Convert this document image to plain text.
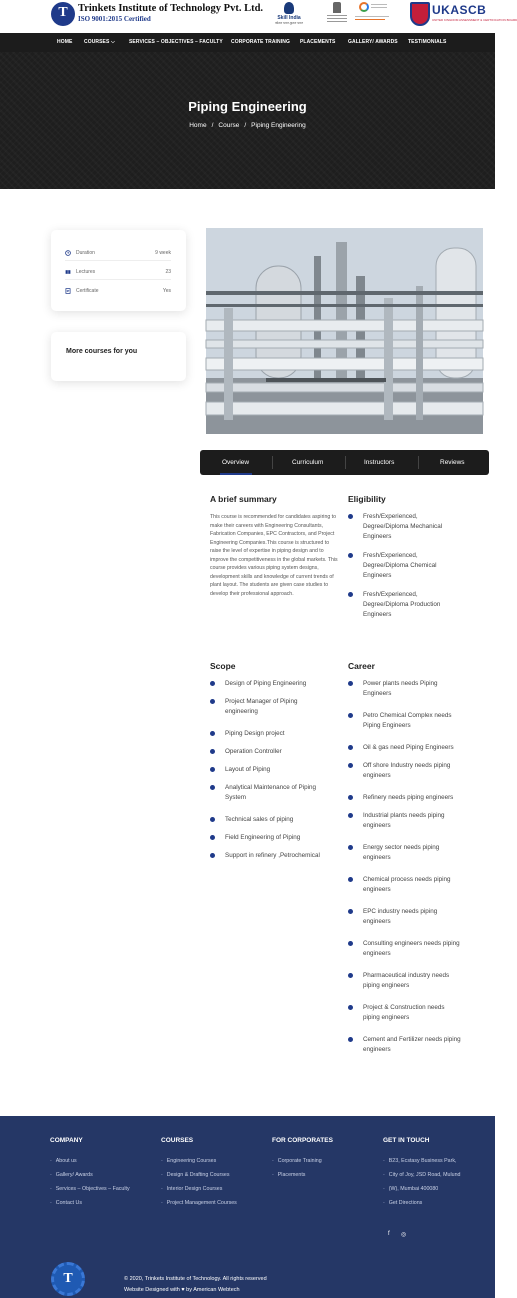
T Trinkets Institute of Technology Pvt. Ltd.
ISO 9001:2015 Certified	Skill India
कौशल भारत-कुशल भारत
UKASCB
UNITED KINGDOM ASSESSMENT & CERTIFICATION BOARD
HOME COURSES ⌵	SERVICES – OBJECTIVES – FACULTY CORPORATE TRAINING PLACEMENTS	GALLERY/ AWARDS TESTIMONIALS
Piping Engineering
Home / Course / Piping Engineering
Duration	9 week
Lectures	23
Certificate	Yes
More courses for you
Overview	Curriculum	Instructors	Reviews
A brief summary
This course is recommended for candidates aspiring to make their careers with Engineering Consultants, Fabrication Companies, EPC Contractors, and Project Engineering Companies.This course is structured to raise the level of expertise in piping design and to improve the competitiveness in the global markets. This course provides various piping system designs, development skills and knowledge of current trends of plant layout. The students are given case studies to develop their professional approach.
Eligibility
Fresh/Experienced,
Degree/Diploma Mechanical
Engineers
Fresh/Experienced,
Degree/Diploma Chemical
Engineers
Fresh/Experienced,
Degree/Diploma Production
Engineers
Scope
Design of Piping Engineering
Project Manager of Piping
engineering
Piping Design project
Operation Controller
Layout of Piping
Analytical Maintenance of Piping
System
Technical sales of piping
Field Engineering of Piping
Support in refinery ,Petrochemical
Career
Power plants needs Piping
Engineers
Petro Chemical Complex needs
Piping Engineers
Oil & gas need Piping Engineers
Off shore Industry needs piping
engineers
Refinery needs piping engineers
Industrial plants needs piping
engineers
Energy sector needs piping
engineers
Chemical process needs piping
engineers
EPC industry needs piping
engineers
Consulting engineers needs piping
engineers
Pharmaceutical industry needs
piping engineers
Project & Construction needs
piping engineers
Cement and Fertilizer needs piping
engineers
COMPANY	COURSES	FOR CORPORATES	GET IN TOUCH
- About us
- Gallery/ Awards
- Services – Objectives – Faculty
- Contact Us
- Engineering Courses
- Design & Drafting Courses
- Interior Design Courses
- Project Management Courses
- Corporate Training
- Placements
- B23, Ecstasy Business Park,
- City of Joy, JSD Road, Mulund
- (W), Mumbai 400080
- Get Directions
f ◎
T	© 2020, Trinkets Institute of Technology. All rights reserved
Website Designed with ♥ by American Webtech
